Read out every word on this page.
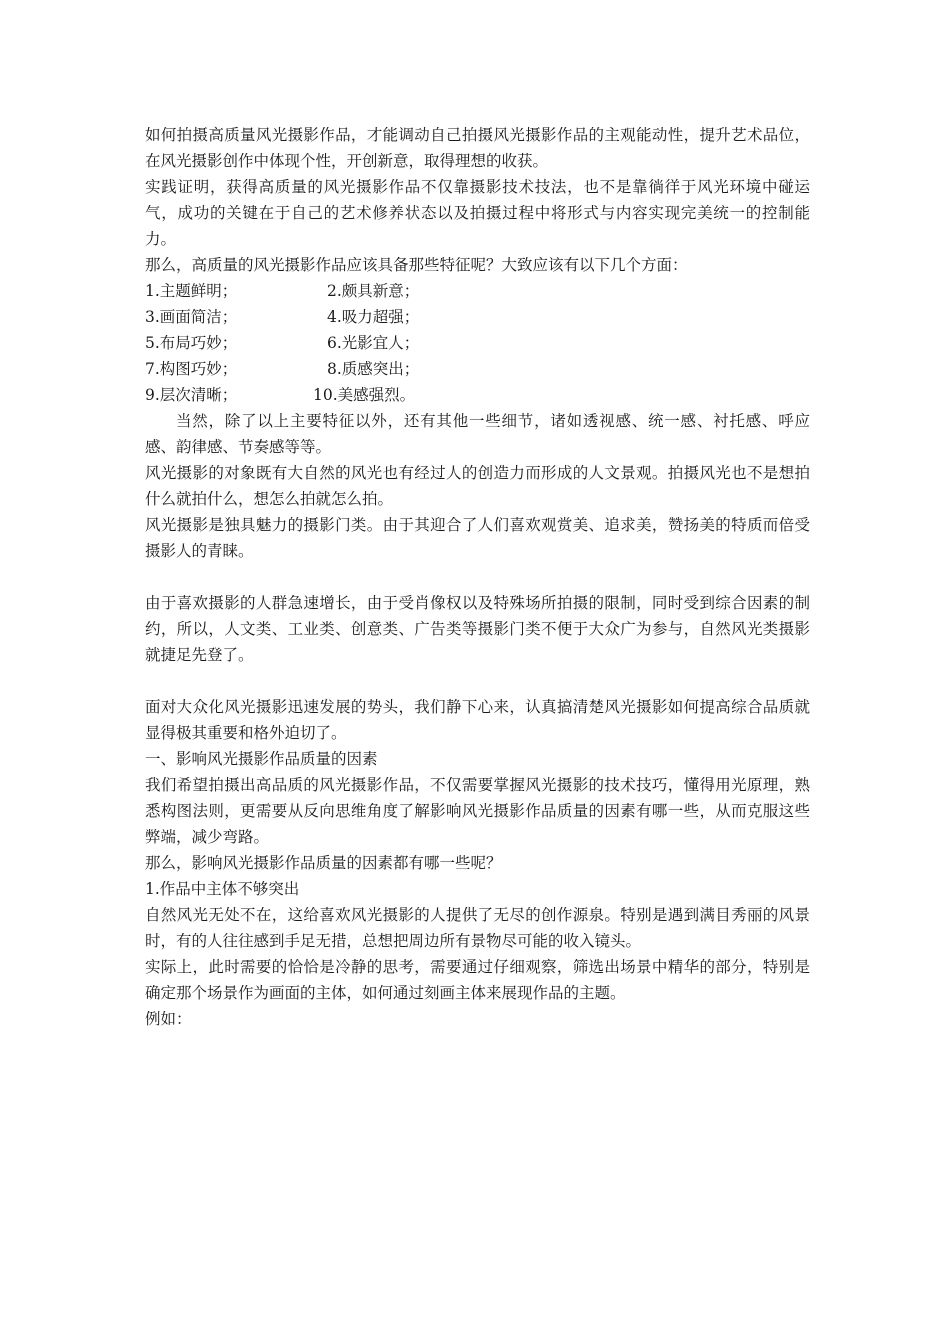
如何拍摄高质量风光摄影作品，才能调动自己拍摄风光摄影作品的主观能动性，提升艺术品位，在风光摄影创作中体现个性，开创新意，取得理想的收获。

实践证明，获得高质量的风光摄影作品不仅靠摄影技术技法，也不是靠徜徉于风光环境中碰运气，成功的关键在于自己的艺术修养状态以及拍摄过程中将形式与内容实现完美统一的控制能力。

那么，高质量的风光摄影作品应该具备那些特征呢？大致应该有以下几个方面：

1.主题鲜明；	2.颇具新意；
3.画面简洁；	4.吸力超强；
5.布局巧妙；	6.光影宜人；
7.构图巧妙；	8.质感突出；
9.层次清晰；	10.美感强烈。

当然，除了以上主要特征以外，还有其他一些细节，诸如透视感、统一感、衬托感、呼应感、韵律感、节奏感等等。

风光摄影的对象既有大自然的风光也有经过人的创造力而形成的人文景观。拍摄风光也不是想拍什么就拍什么，想怎么拍就怎么拍。

风光摄影是独具魅力的摄影门类。由于其迎合了人们喜欢观赏美、追求美，赞扬美的特质而倍受摄影人的青睐。

由于喜欢摄影的人群急速增长，由于受肖像权以及特殊场所拍摄的限制，同时受到综合因素的制约，所以，人文类、工业类、创意类、广告类等摄影门类不便于大众广为参与，自然风光类摄影就捷足先登了。

面对大众化风光摄影迅速发展的势头，我们静下心来，认真搞清楚风光摄影如何提高综合品质就显得极其重要和格外迫切了。

一、影响风光摄影作品质量的因素

我们希望拍摄出高品质的风光摄影作品，不仅需要掌握风光摄影的技术技巧，懂得用光原理，熟悉构图法则，更需要从反向思维角度了解影响风光摄影作品质量的因素有哪一些，从而克服这些弊端，减少弯路。

那么，影响风光摄影作品质量的因素都有哪一些呢？

1.作品中主体不够突出

自然风光无处不在，这给喜欢风光摄影的人提供了无尽的创作源泉。特别是遇到满目秀丽的风景时，有的人往往感到手足无措，总想把周边所有景物尽可能的收入镜头。

实际上，此时需要的恰恰是冷静的思考，需要通过仔细观察，筛选出场景中精华的部分，特别是确定那个场景作为画面的主体，如何通过刻画主体来展现作品的主题。

例如：
